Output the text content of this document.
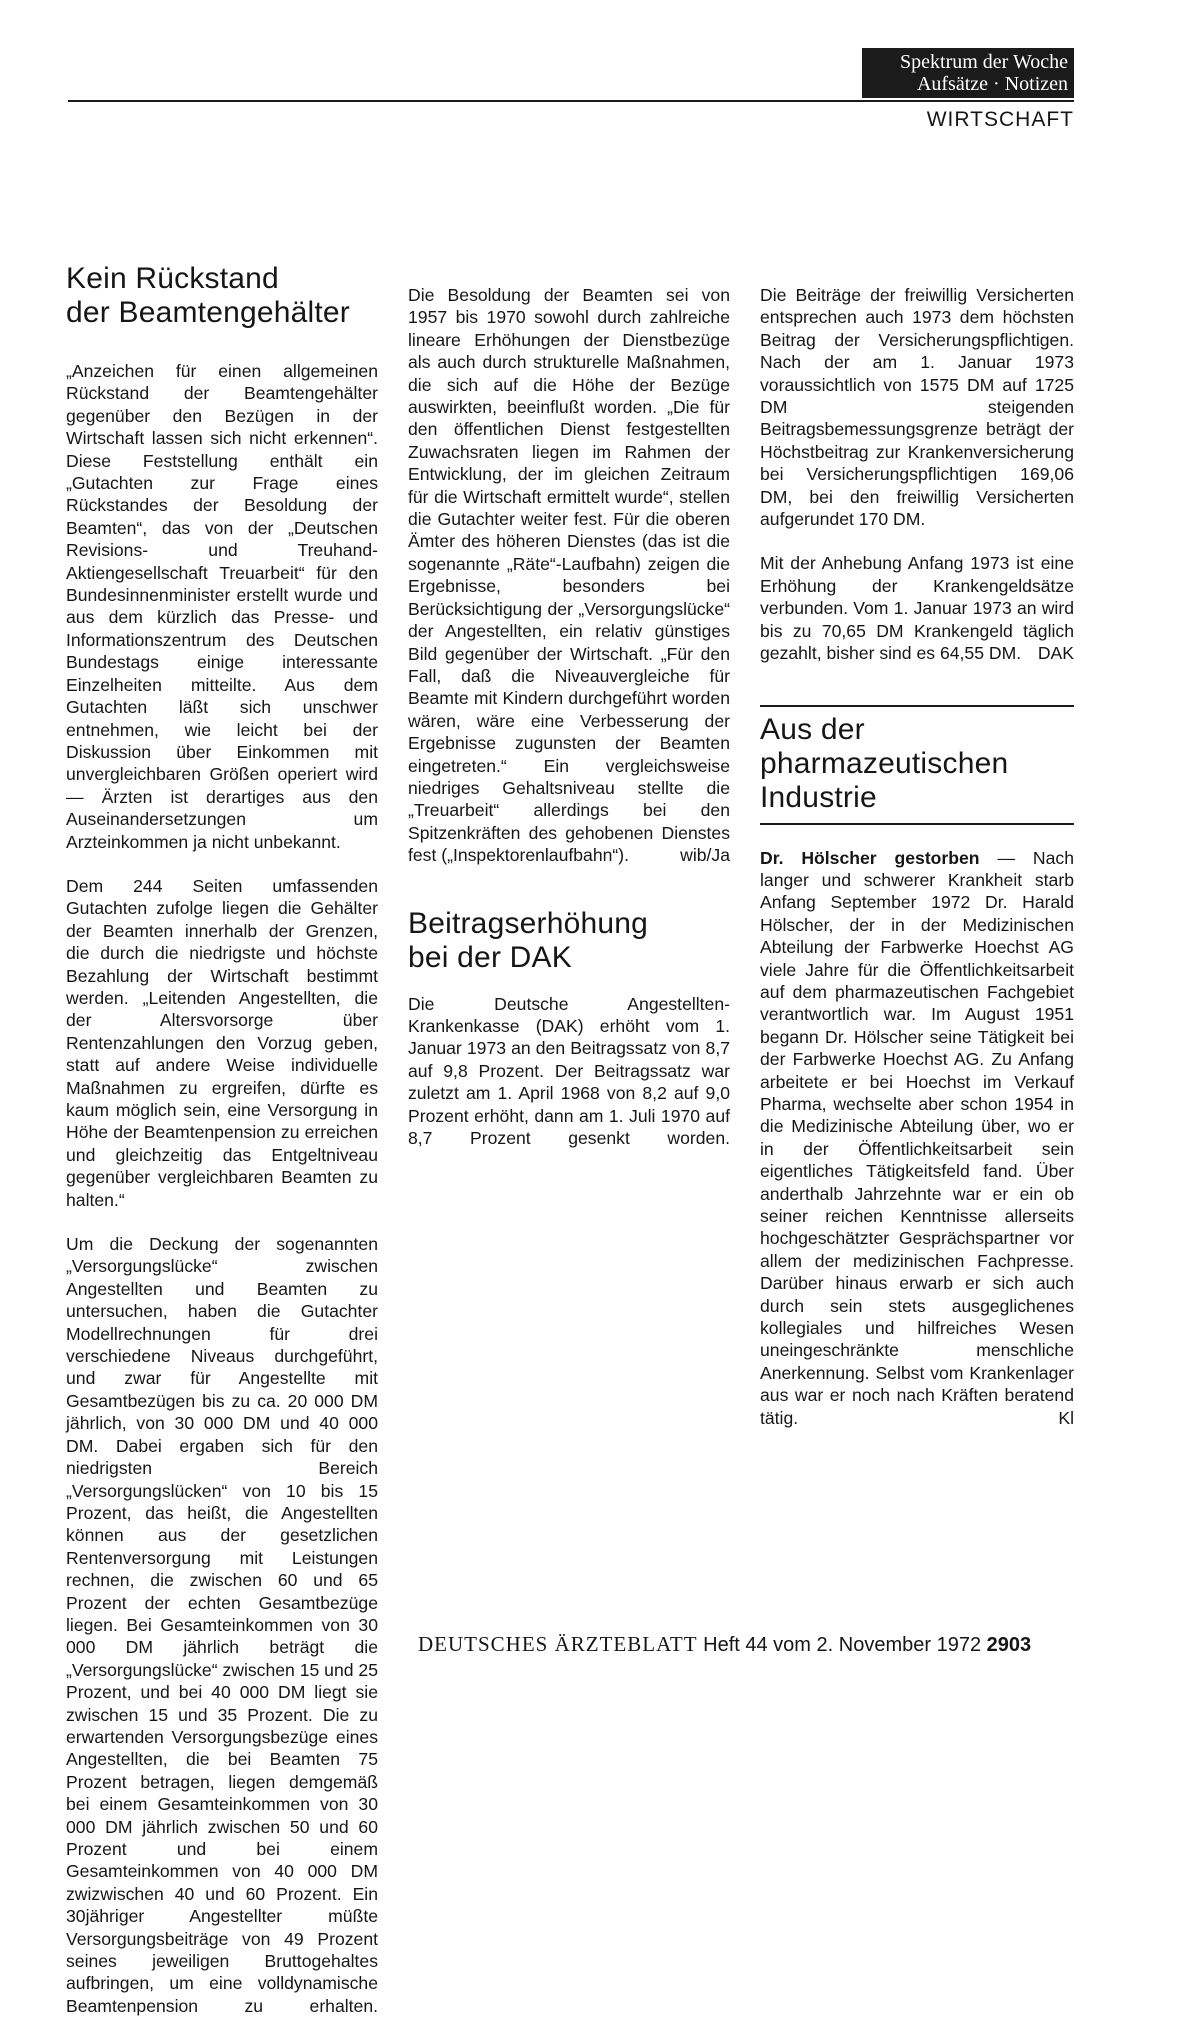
Spektrum der Woche
Aufsätze · Notizen
WIRTSCHAFT
Kein Rückstand
der Beamtengehälter

„Anzeichen für einen allgemeinen Rückstand der Beamtengehälter gegenüber den Bezügen in der Wirtschaft lassen sich nicht erkennen“. Diese Feststellung enthält ein „Gutachten zur Frage eines Rückstandes der Besoldung der Beamten“, das von der „Deutschen Revisions- und Treuhand-Aktiengesellschaft Treuarbeit“ für den Bundesinnenminister erstellt wurde und aus dem kürzlich das Presse- und Informationszentrum des Deutschen Bundestags einige interessante Einzelheiten mitteilte. Aus dem Gutachten läßt sich unschwer entnehmen, wie leicht bei der Diskussion über Einkommen mit unvergleichbaren Größen operiert wird — Ärzten ist derartiges aus den Auseinandersetzungen um Arzteinkommen ja nicht unbekannt.

Dem 244 Seiten umfassenden Gutachten zufolge liegen die Gehälter der Beamten innerhalb der Grenzen, die durch die niedrigste und höchste Bezahlung der Wirtschaft bestimmt werden. „Leitenden Angestellten, die der Altersvorsorge über Rentenzahlungen den Vorzug geben, statt auf andere Weise individuelle Maßnahmen zu ergreifen, dürfte es kaum möglich sein, eine Versorgung in Höhe der Beamtenpension zu erreichen und gleichzeitig das Entgeltniveau gegenüber vergleichbaren Beamten zu halten.“

Um die Deckung der sogenannten „Versorgungslücke“ zwischen Angestellten und Beamten zu untersuchen, haben die Gutachter Modellrechnungen für drei verschiedene Niveaus durchgeführt, und zwar für Angestellte mit Gesamtbezügen bis zu ca. 20 000 DM jährlich, von 30 000 DM und 40 000 DM. Dabei ergaben sich für den niedrigsten Bereich „Versorgungslücken“ von 10 bis 15 Prozent, das heißt, die Angestellten können aus der gesetzlichen Rentenversorgung mit Leistungen rechnen, die zwischen 60 und 65 Prozent der echten Gesamtbezüge liegen. Bei Gesamteinkommen von 30 000 DM jährlich beträgt die „Versorgungslücke“ zwischen 15 und 25 Prozent, und bei 40 000 DM liegt sie zwischen 15 und 35 Prozent. Die zu erwartenden Versorgungsbezüge eines Angestellten, die bei Beamten 75 Prozent betragen, liegen demgemäß bei einem Gesamteinkommen von 30 000 DM jährlich zwischen 50 und 60 Prozent und bei einem Gesamteinkommen von 40 000 DM zwizwischen 40 und 60 Prozent. Ein 30jähriger Angestellter müßte Versorgungsbeiträge von 49 Prozent seines jeweiligen Bruttogehaltes aufbringen, um eine volldynamische Beamtenpension zu erhalten.

Die Besoldung der Beamten sei von 1957 bis 1970 sowohl durch zahlreiche lineare Erhöhungen der Dienstbezüge als auch durch strukturelle Maßnahmen, die sich auf die Höhe der Bezüge auswirkten, beeinflußt worden. „Die für den öffentlichen Dienst festgestellten Zuwachsraten liegen im Rahmen der Entwicklung, der im gleichen Zeitraum für die Wirtschaft ermittelt wurde“, stellen die Gutachter weiter fest. Für die oberen Ämter des höheren Dienstes (das ist die sogenannte „Räte“-Laufbahn) zeigen die Ergebnisse, besonders bei Berücksichtigung der „Versorgungslücke“ der Angestellten, ein relativ günstiges Bild gegenüber der Wirtschaft. „Für den Fall, daß die Niveauvergleiche für Beamte mit Kindern durchgeführt worden wären, wäre eine Verbesserung der Ergebnisse zugunsten der Beamten eingetreten.“ Ein vergleichsweise niedriges Gehaltsniveau stellte die „Treuarbeit“ allerdings bei den Spitzenkräften des gehobenen Dienstes fest („Inspektorenlaufbahn“).	wib/Ja

Beitragserhöhung
bei der DAK

Die Deutsche Angestellten-Krankenkasse (DAK) erhöht vom 1. Januar 1973 an den Beitragssatz von 8,7 auf 9,8 Prozent. Der Beitragssatz war zuletzt am 1. April 1968 von 8,2 auf 9,0 Prozent erhöht, dann am 1. Juli 1970 auf 8,7 Prozent gesenkt worden.

Die Beiträge der freiwillig Versicherten entsprechen auch 1973 dem höchsten Beitrag der Versicherungspflichtigen. Nach der am 1. Januar 1973 voraussichtlich von 1575 DM auf 1725 DM steigenden Beitragsbemessungsgrenze beträgt der Höchstbeitrag zur Krankenversicherung bei Versicherungspflichtigen 169,06 DM, bei den freiwillig Versicherten aufgerundet 170 DM.

Mit der Anhebung Anfang 1973 ist eine Erhöhung der Krankengeldsätze verbunden. Vom 1. Januar 1973 an wird bis zu 70,65 DM Krankengeld täglich gezahlt, bisher sind es 64,55 DM. DAK

Aus der
pharmazeutischen
Industrie

Dr. Hölscher gestorben — Nach langer und schwerer Krankheit starb Anfang September 1972 Dr. Harald Hölscher, der in der Medizinischen Abteilung der Farbwerke Hoechst AG viele Jahre für die Öffentlichkeitsarbeit auf dem pharmazeutischen Fachgebiet verantwortlich war. Im August 1951 begann Dr. Hölscher seine Tätigkeit bei der Farbwerke Hoechst AG. Zu Anfang arbeitete er bei Hoechst im Verkauf Pharma, wechselte aber schon 1954 in die Medizinische Abteilung über, wo er in der Öffentlichkeitsarbeit sein eigentliches Tätigkeitsfeld fand. Über anderthalb Jahrzehnte war er ein ob seiner reichen Kenntnisse allerseits hochgeschätzter Gesprächspartner vor allem der medizinischen Fachpresse. Darüber hinaus erwarb er sich auch durch sein stets ausgeglichenes kollegiales und hilfreiches Wesen uneingeschränkte menschliche Anerkennung. Selbst vom Krankenlager aus war er noch nach Kräften beratend tätig.	Kl

DEUTSCHES ÄRZTEBLATT Heft 44 vom 2. November 1972 2903
